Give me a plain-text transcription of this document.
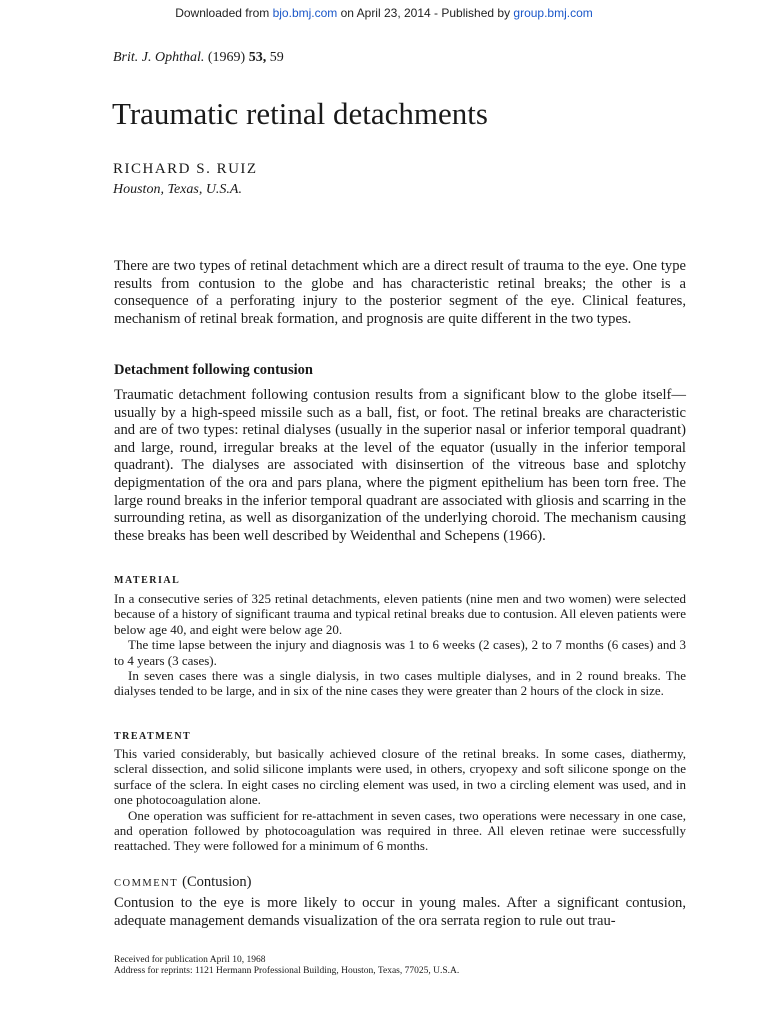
Downloaded from bjo.bmj.com on April 23, 2014 - Published by group.bmj.com
Brit. J. Ophthal. (1969) 53, 59
Traumatic retinal detachments
RICHARD S. RUIZ
Houston, Texas, U.S.A.

There are two types of retinal detachment which are a direct result of trauma to the eye. One type results from contusion to the globe and has characteristic retinal breaks; the other is a consequence of a perforating injury to the posterior segment of the eye. Clinical features, mechanism of retinal break formation, and prognosis are quite different in the two types.

Detachment following contusion

Traumatic detachment following contusion results from a significant blow to the globe itself—usually by a high-speed missile such as a ball, fist, or foot. The retinal breaks are characteristic and are of two types: retinal dialyses (usually in the superior nasal or inferior temporal quadrant) and large, round, irregular breaks at the level of the equator (usually in the inferior temporal quadrant). The dialyses are associated with disinsertion of the vitreous base and splotchy depigmentation of the ora and pars plana, where the pigment epithelium has been torn free. The large round breaks in the inferior temporal quadrant are associated with gliosis and scarring in the surrounding retina, as well as disorganization of the underlying choroid. The mechanism causing these breaks has been well described by Weidenthal and Schepens (1966).

MATERIAL

In a consecutive series of 325 retinal detachments, eleven patients (nine men and two women) were selected because of a history of significant trauma and typical retinal breaks due to contusion. All eleven patients were below age 40, and eight were below age 20.

The time lapse between the injury and diagnosis was 1 to 6 weeks (2 cases), 2 to 7 months (6 cases) and 3 to 4 years (3 cases).

In seven cases there was a single dialysis, in two cases multiple dialyses, and in 2 round breaks. The dialyses tended to be large, and in six of the nine cases they were greater than 2 hours of the clock in size.

TREATMENT

This varied considerably, but basically achieved closure of the retinal breaks. In some cases, diathermy, scleral dissection, and solid silicone implants were used, in others, cryopexy and soft silicone sponge on the surface of the sclera. In eight cases no circling element was used, in two a circling element was used, and in one photocoagulation alone.

One operation was sufficient for re-attachment in seven cases, two operations were necessary in one case, and operation followed by photocoagulation was required in three. All eleven retinae were successfully reattached. They were followed for a minimum of 6 months.

COMMENT (Contusion)

Contusion to the eye is more likely to occur in young males. After a significant contusion, adequate management demands visualization of the ora serrata region to rule out trau-

Received for publication April 10, 1968
Address for reprints: 1121 Hermann Professional Building, Houston, Texas, 77025, U.S.A.
